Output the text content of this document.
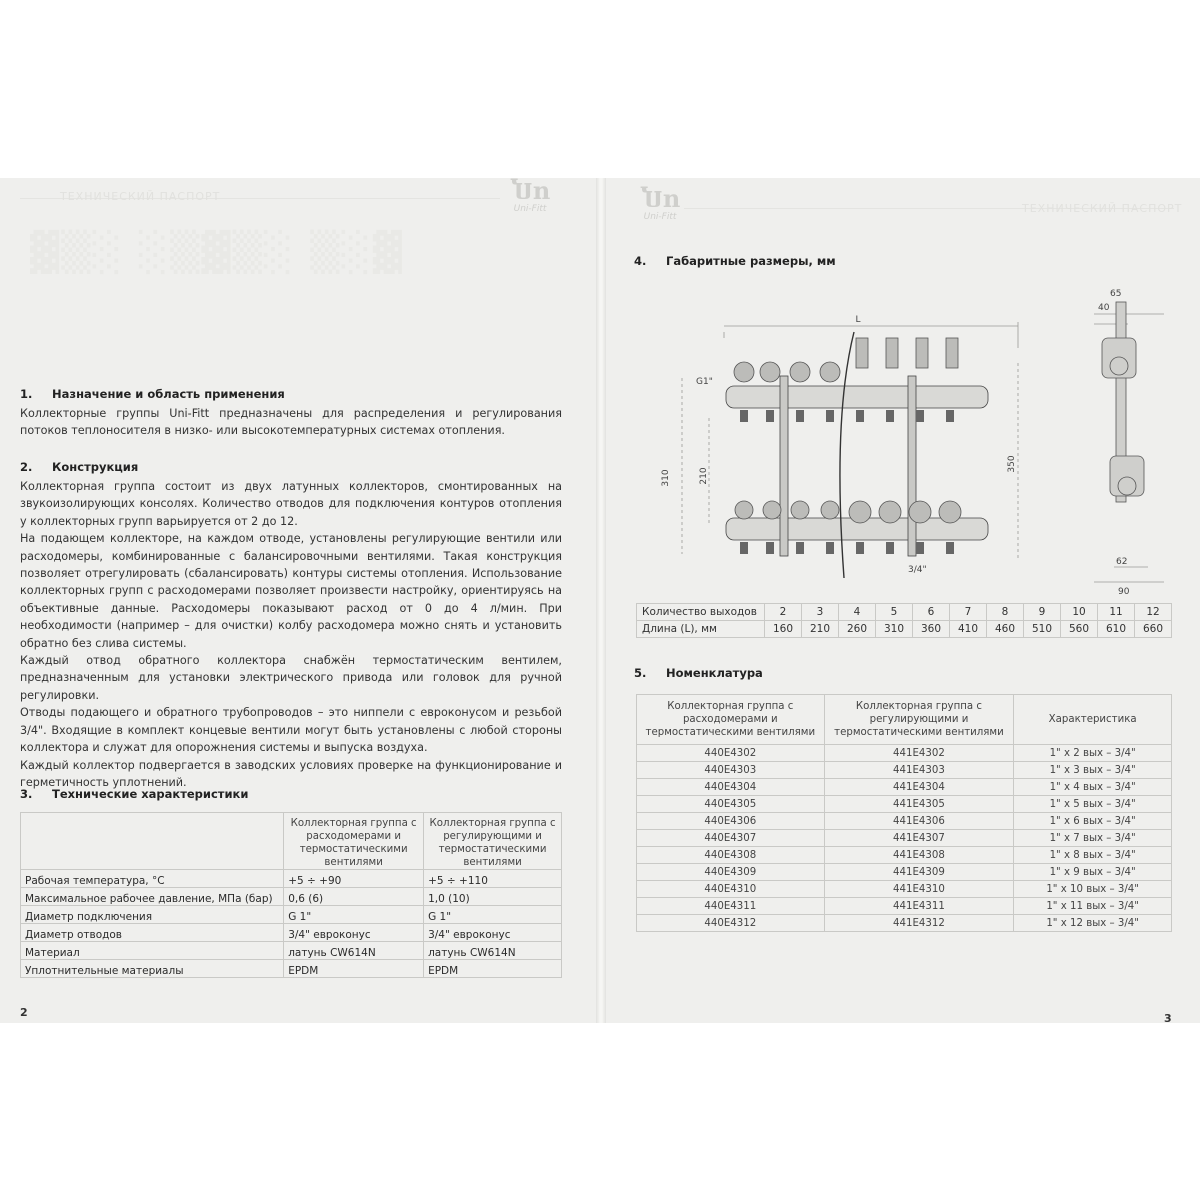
ТЕХНИЧЕСКИЙ ПАСПОРТ
▓▒░ ░▒▓▒░ ▒░▓
Ⴎn
Uni-Fitt
1. Назначение и область применения

Коллекторные группы Uni-Fitt предназначены для распределения и регулирования потоков теплоносителя в низко- или высокотемпературных системах отопления.

2. Конструкция

Коллекторная группа состоит из двух латунных коллекторов, смонтированных на звукоизолирующих консолях. Количество отводов для подключения контуров отопления у коллекторных групп варьируется от 2 до 12.

На подающем коллекторе, на каждом отводе, установлены регулирующие вентили или расходомеры, комбинированные с балансировочными вентилями. Такая конструкция позволяет отрегулировать (сбалансировать) контуры системы отопления. Использование коллекторных групп с расходомерами позволяет произвести настройку, ориентируясь на объективные данные. Расходомеры показывают расход от 0 до 4 л/мин. При необходимости (например – для очистки) колбу расходомера можно снять и установить обратно без слива системы.

Каждый отвод обратного коллектора снабжён термостатическим вентилем, предназначенным для установки электрического привода или головок для ручной регулировки.

Отводы подающего и обратного трубопроводов – это ниппели с евроконусом и резьбой 3/4". Входящие в комплект концевые вентили могут быть установлены с любой стороны коллектора и служат для опорожнения системы и выпуска воздуха.

Каждый коллектор подвергается в заводских условиях проверке на функционирование и герметичность уплотнений.

3. Технические характеристики
	Коллекторная группа с расходомерами и термостатическими вентилями	Коллекторная группа с регулирующими и термостатическими вентилями
Рабочая температура, °С	+5 ÷ +90	+5 ÷ +110
Максимальное рабочее давление, МПа (бар)	0,6 (6)	1,0 (10)
Диаметр подключения	G 1"	G 1"
Диаметр отводов	3/4" евроконус	3/4" евроконус
Материал	латунь CW614N	латунь CW614N
Уплотнительные материалы	EPDM	EPDM
2
Ⴎn
Uni-Fitt
ТЕХНИЧЕСКИЙ ПАСПОРТ
4. Габаритные размеры, мм
L
G1"
3/4"
310	210
350
65
40
62
90
Количество выходов	2	3	4	5	6	7	8	9	10	11	12
Длина (L), мм	160	210	260	310	360	410	460	510	560	610	660
5. Номенклатура
Коллекторная группа с расходомерами и термостатическими вентилями	Коллекторная группа с регулирующими и термостатическими вентилями	Характеристика
440E4302	441E4302	1" x 2 вых – 3/4"
440E4303	441E4303	1" x 3 вых – 3/4"
440E4304	441E4304	1" x 4 вых – 3/4"
440E4305	441E4305	1" x 5 вых – 3/4"
440E4306	441E4306	1" x 6 вых – 3/4"
440E4307	441E4307	1" x 7 вых – 3/4"
440E4308	441E4308	1" x 8 вых – 3/4"
440E4309	441E4309	1" x 9 вых – 3/4"
440E4310	441E4310	1" x 10 вых – 3/4"
440E4311	441E4311	1" x 11 вых – 3/4"
440E4312	441E4312	1" x 12 вых – 3/4"
3
